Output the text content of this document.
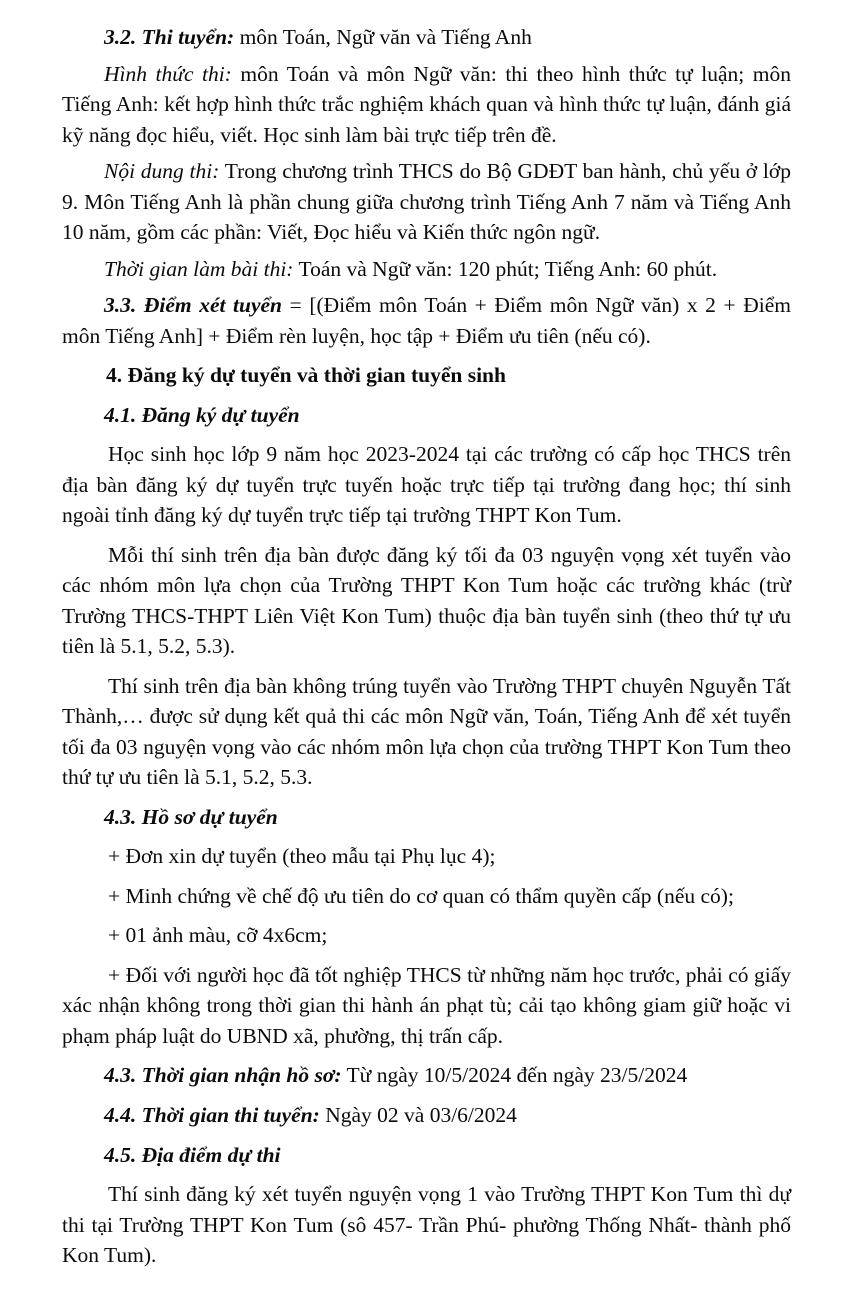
3.2. Thi tuyển: môn Toán, Ngữ văn và Tiếng Anh

Hình thức thi: môn Toán và môn Ngữ văn: thi theo hình thức tự luận; môn Tiếng Anh: kết hợp hình thức trắc nghiệm khách quan và hình thức tự luận, đánh giá kỹ năng đọc hiểu, viết. Học sinh làm bài trực tiếp trên đề.

Nội dung thi: Trong chương trình THCS do Bộ GDĐT ban hành, chủ yếu ở lớp 9. Môn Tiếng Anh là phần chung giữa chương trình Tiếng Anh 7 năm và Tiếng Anh 10 năm, gồm các phần: Viết, Đọc hiểu và Kiến thức ngôn ngữ.

Thời gian làm bài thi: Toán và Ngữ văn: 120 phút; Tiếng Anh: 60 phút.

3.3. Điểm xét tuyển = [(Điểm môn Toán + Điểm môn Ngữ văn) x 2 + Điểm môn Tiếng Anh] + Điểm rèn luyện, học tập + Điểm ưu tiên (nếu có).

4. Đăng ký dự tuyển và thời gian tuyển sinh

4.1. Đăng ký dự tuyển

Học sinh học lớp 9 năm học 2023-2024 tại các trường có cấp học THCS trên địa bàn đăng ký dự tuyển trực tuyến hoặc trực tiếp tại trường đang học; thí sinh ngoài tỉnh đăng ký dự tuyển trực tiếp tại trường THPT Kon Tum.

Mỗi thí sinh trên địa bàn được đăng ký tối đa 03 nguyện vọng xét tuyển vào các nhóm môn lựa chọn của Trường THPT Kon Tum hoặc các trường khác (trừ Trường THCS-THPT Liên Việt Kon Tum) thuộc địa bàn tuyển sinh (theo thứ tự ưu tiên là 5.1, 5.2, 5.3).

Thí sinh trên địa bàn không trúng tuyển vào Trường THPT chuyên Nguyễn Tất Thành,… được sử dụng kết quả thi các môn Ngữ văn, Toán, Tiếng Anh để xét tuyển tối đa 03 nguyện vọng vào các nhóm môn lựa chọn của trường THPT Kon Tum theo thứ tự ưu tiên là 5.1, 5.2, 5.3.

4.3. Hồ sơ dự tuyển

+ Đơn xin dự tuyển (theo mẫu tại Phụ lục 4);

+ Minh chứng về chế độ ưu tiên do cơ quan có thẩm quyền cấp (nếu có);

+ 01 ảnh màu, cỡ 4x6cm;

+ Đối với người học đã tốt nghiệp THCS từ những năm học trước, phải có giấy xác nhận không trong thời gian thi hành án phạt tù; cải tạo không giam giữ hoặc vi phạm pháp luật do UBND xã, phường, thị trấn cấp.

4.3. Thời gian nhận hồ sơ: Từ ngày 10/5/2024 đến ngày 23/5/2024

4.4. Thời gian thi tuyển: Ngày 02 và 03/6/2024

4.5. Địa điểm dự thi

Thí sinh đăng ký xét tuyển nguyện vọng 1 vào Trường THPT Kon Tum thì dự thi tại Trường THPT Kon Tum (sô 457- Trần Phú- phường Thống Nhất- thành phố Kon Tum).
